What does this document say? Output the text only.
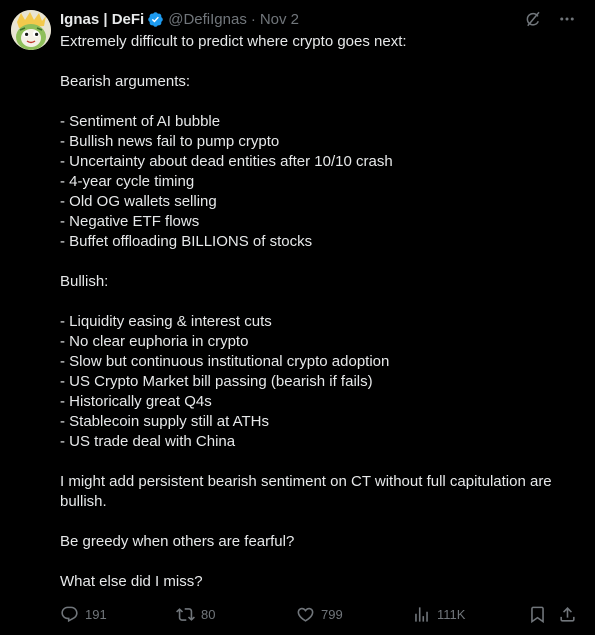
Ignas | DeFi @DefiIgnas · Nov 2
Extremely difficult to predict where crypto goes next:
Bearish arguments:
- Sentiment of AI bubble
- Bullish news fail to pump crypto
- Uncertainty about dead entities after 10/10 crash
- 4-year cycle timing
- Old OG wallets selling
- Negative ETF flows
- Buffet offloading BILLIONS of stocks
Bullish:
- Liquidity easing & interest cuts
- No clear euphoria in crypto
- Slow but continuous institutional crypto adoption
- US Crypto Market bill passing (bearish if fails)
- Historically great Q4s
- Stablecoin supply still at ATHs
- US trade deal with China
I might add persistent bearish sentiment on CT without full capitulation are bullish.
Be greedy when others are fearful?
What else did I miss?
191	80	799	111K
